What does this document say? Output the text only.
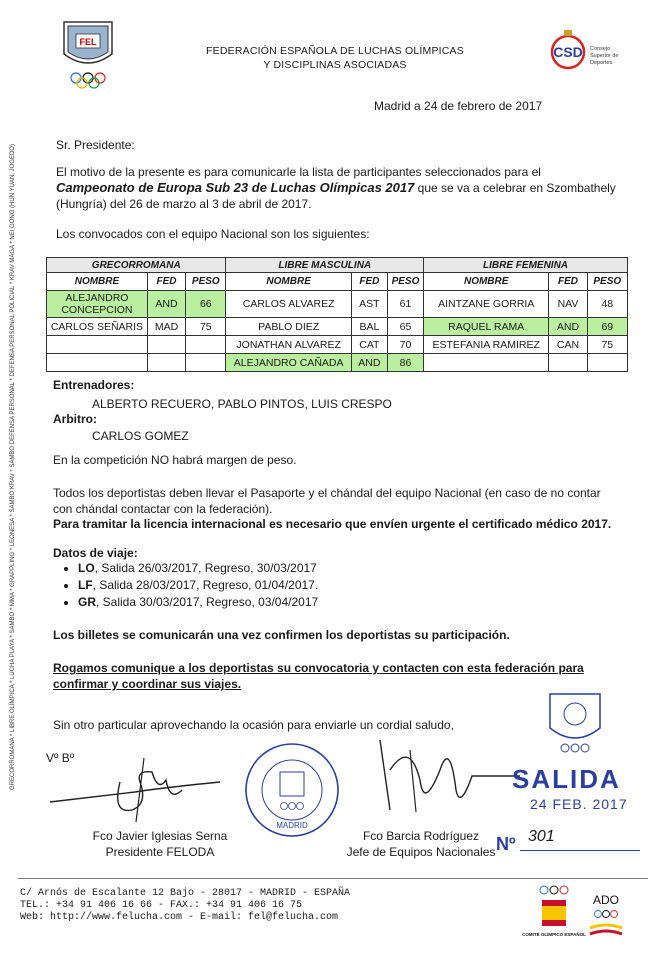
FEL
FEDERACIÓN ESPAÑOLA DE LUCHAS OLÍMPICAS
Y DISCIPLINAS ASOCIADAS
CSD Consejo
Superior de
Deportes
GRECORROMANA * LIBRE OLÍMPICA * LUCHA PLAYA * SAMBO * MMA * GRAPPLING * LEONESA * SAMBO KRAV * SAMBO DEFENSA PERSONAL * DEFENSA PERSONAL POLICIAL * KRAV MAGA * NEI GONG (HUN YUAN, JOGEDO)
Madrid a 24 de febrero de 2017
Sr. Presidente:
El motivo de la presente es para comunicarle la lista de participantes seleccionados para el Campeonato de Europa Sub 23 de Luchas Olímpicas 2017 que se va a celebrar en Szombathely (Hungría) del 26 de marzo al 3 de abril de 2017.
Los convocados con el equipo Nacional son los siguientes:
GRECORROMANA			LIBRE MASCULINA			LIBRE FEMENINA		
NOMBRE	FED	PESO	NOMBRE	FED	PESO	NOMBRE	FED	PESO
ALEJANDRO CONCEPCION	AND	66	CARLOS ALVAREZ	AST	61	AINTZANE GORRIA	NAV	48
CARLOS SEÑARIS	MAD	75	PABLO DIEZ	BAL	65	RAQUEL RAMA	AND	69
			JONATHAN ALVAREZ	CAT	70	ESTEFANIA RAMIREZ	CAN	75
			ALEJANDRO CAÑADA	AND	86			
Entrenadores:
ALBERTO RECUERO, PABLO PINTOS, LUIS CRESPO
Arbitro:
CARLOS GOMEZ
En la competición NO habrá margen de peso.
Todos los deportistas deben llevar el Pasaporte y el chándal del equipo Nacional (en caso de no contar con chándal contactar con la federación).
Para tramitar la licencia internacional es necesario que envíen urgente el certificado médico 2017.
Datos de viaje:
• LO, Salida 26/03/2017, Regreso, 30/03/2017
• LF, Salida 28/03/2017, Regreso, 01/04/2017.
• GR, Salida 30/03/2017, Regreso, 03/04/2017
Los billetes se comunicarán una vez confirmen los deportistas su participación.
Rogamos comunique a los deportistas su convocatoria y contacten con esta federación para confirmar y coordinar sus viajes.
Sin otro particular aprovechando la ocasión para enviarle un cordial saludo,
Vº Bº
MADRID
Fco Javier Iglesias Serna
Presidente FELODA
Fco Barcia Rodríguez
Jefe de Equipos Nacionales
SALIDA
24 FEB. 2017
Nº 301
C/ Arnós de Escalante 12 Bajo - 28017 - MADRID - ESPAÑA
TEL.: +34 91 406 16 66 - FAX.: +34 91 406 16 75
Web: http://www.felucha.com - E-mail: fel@felucha.com
COMITÉ OLÍMPICO ESPAÑOL
ADO
